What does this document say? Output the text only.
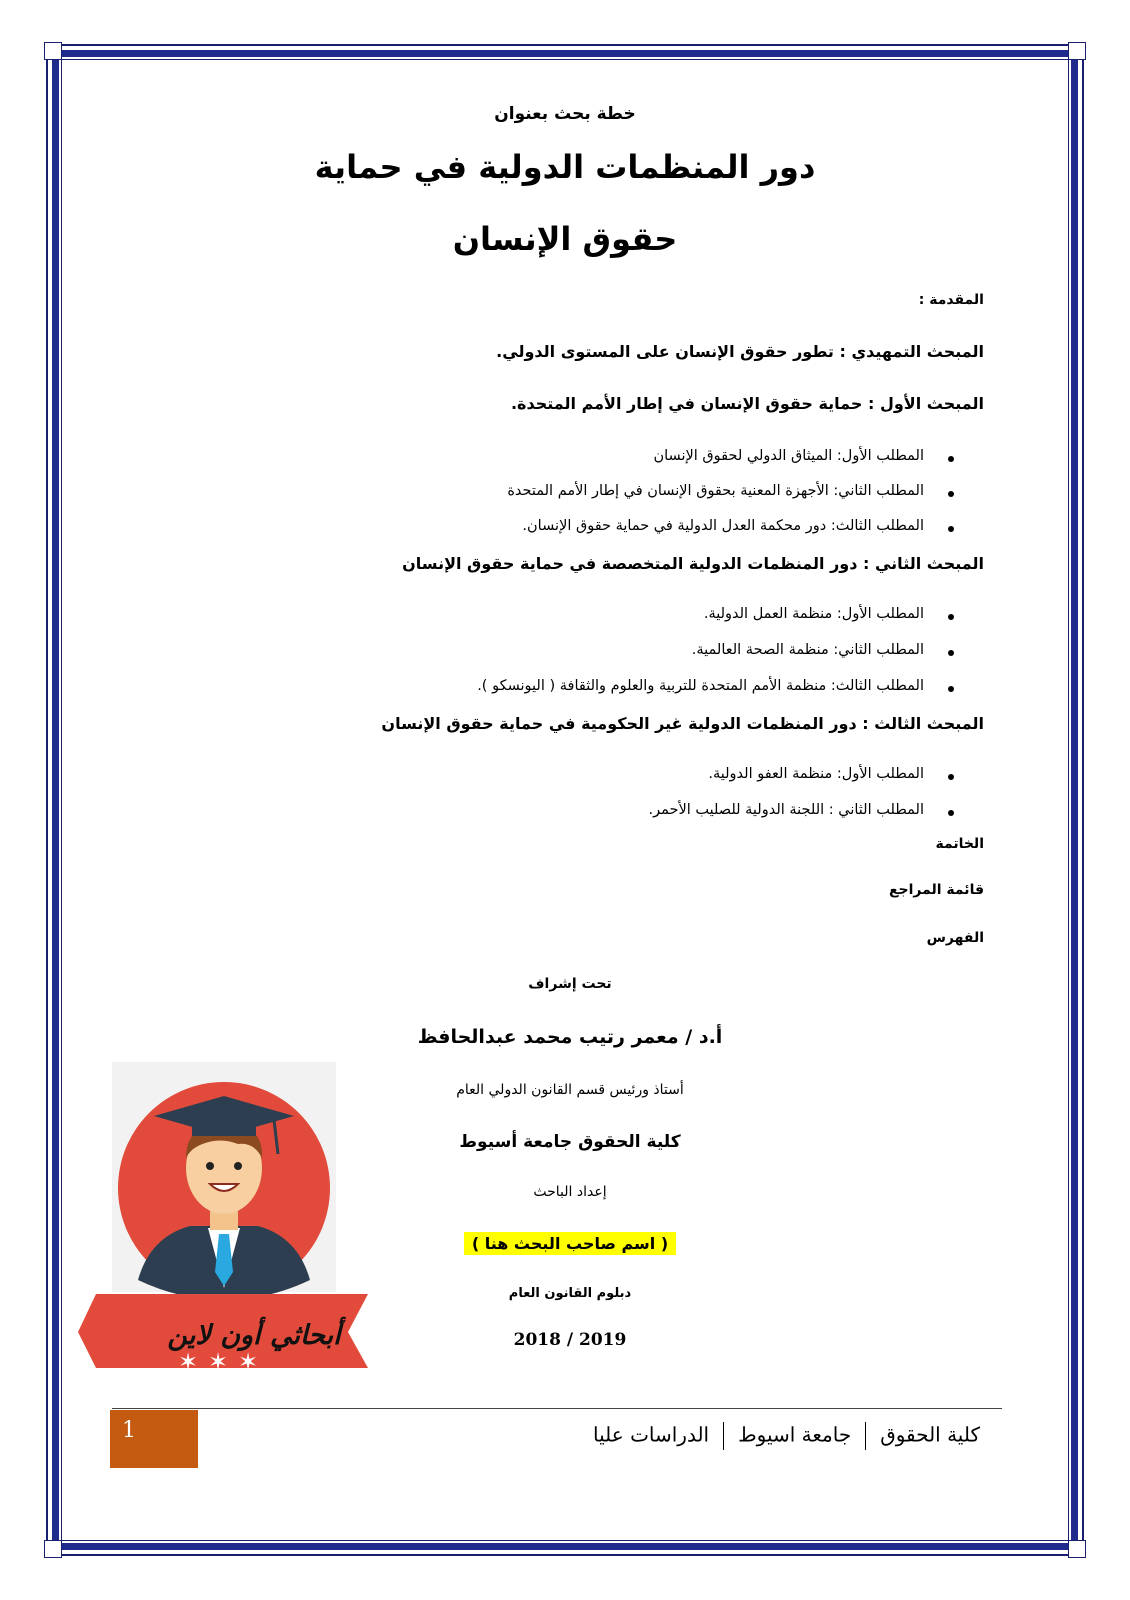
خطة بحث بعنوان
دور المنظمات الدولية في حماية
حقوق الإنسان
المقدمة :
المبحث التمهيدي : تطور حقوق الإنسان على المستوى الدولي.
المبحث الأول : حماية حقوق الإنسان في إطار الأمم المتحدة.
المطلب الأول: الميثاق الدولي لحقوق الإنسان
المطلب الثاني: الأجهزة المعنية بحقوق الإنسان في إطار الأمم المتحدة
المطلب الثالث: دور محكمة العدل الدولية في حماية حقوق الإنسان.
المبحث الثاني : دور المنظمات الدولية المتخصصة في حماية حقوق الإنسان
المطلب الأول: منظمة العمل الدولية.
المطلب الثاني: منظمة الصحة العالمية.
المطلب الثالث: منظمة الأمم المتحدة للتربية والعلوم والثقافة ( اليونسكو ).
المبحث الثالث : دور المنظمات الدولية غير الحكومية في حماية حقوق الإنسان
المطلب الأول: منظمة العفو الدولية.
المطلب الثاني : اللجنة الدولية للصليب الأحمر.
الخاتمة
قائمة المراجع
الفهرس
تحت إشراف
أ.د / معمر رتيب محمد عبدالحافظ
أستاذ ورئيس قسم القانون الدولي العام
كلية الحقوق جامعة أسيوط
إعداد الباحث
( اسم صاحب البحث هنا )
دبلوم القانون العام
2019 / 2018
أبحاثي أون لاين
✶ ✶ ✶
1	كلية الحقوقجامعة اسيوطالدراسات عليا
